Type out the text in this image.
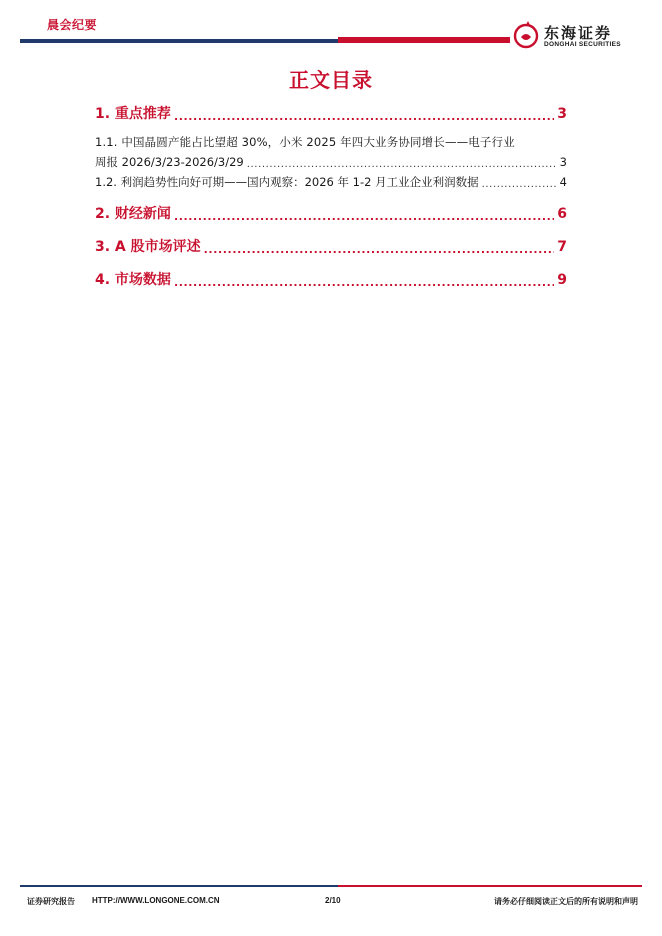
晨会纪要	东海证券
DONGHAI SECURITIES
正文目录
1. 重点推荐 .....	3
1.1. 中国晶圆产能占比望超 30%，小米 2025 年四大业务协同增长——电子行业
周报 2026/3/23-2026/3/29 .....	3
1.2. 利润趋势性向好可期——国内观察：2026 年 1-2 月工业企业利润数据 .....	4
2. 财经新闻 .....	6
3. A 股市场评述 .....	7
4. 市场数据 .....	9
证券研究报告 HTTP://WWW.LONGONE.COM.CN	2/10	请务必仔细阅读正文后的所有说明和声明
